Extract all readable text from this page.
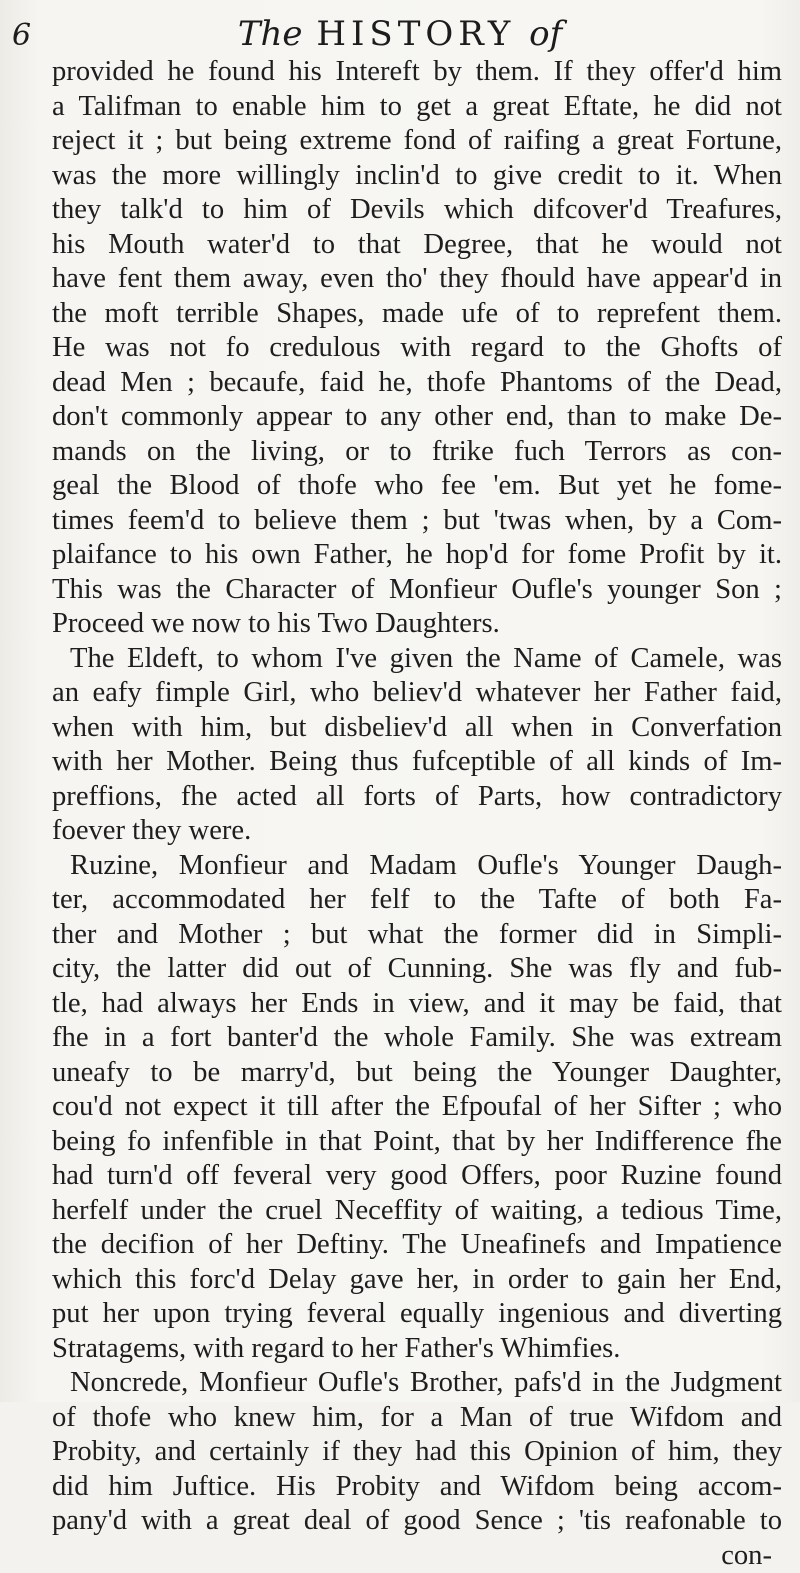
6	The HISTORY of
provided he found his Intereft by them. If they offer'd him
a Talifman to enable him to get a great Eftate, he did not
reject it ; but being extreme fond of raifing a great Fortune,
was the more willingly inclin'd to give credit to it. When
they talk'd to him of Devils which difcover'd Treafures,
his Mouth water'd to that Degree, that he would not
have fent them away, even tho' they fhould have appear'd in
the moft terrible Shapes, made ufe of to reprefent them.
He was not fo credulous with regard to the Ghofts of
dead Men ; becaufe, faid he, thofe Phantoms of the Dead,
don't commonly appear to any other end, than to make De-
mands on the living, or to ftrike fuch Terrors as con-
geal the Blood of thofe who fee 'em. But yet he fome-
times feem'd to believe them ; but 'twas when, by a Com-
plaifance to his own Father, he hop'd for fome Profit by it.
This was the Character of Monfieur Oufle's younger Son ;
Proceed we now to his Two Daughters.
The Eldeft, to whom I've given the Name of Camele, was
an eafy fimple Girl, who believ'd whatever her Father faid,
when with him, but disbeliev'd all when in Converfation
with her Mother. Being thus fufceptible of all kinds of Im-
preffions, fhe acted all forts of Parts, how contradictory
foever they were.
Ruzine, Monfieur and Madam Oufle's Younger Daugh-
ter, accommodated her felf to the Tafte of both Fa-
ther and Mother ; but what the former did in Simpli-
city, the latter did out of Cunning. She was fly and fub-
tle, had always her Ends in view, and it may be faid, that
fhe in a fort banter'd the whole Family. She was extream
uneafy to be marry'd, but being the Younger Daughter,
cou'd not expect it till after the Efpoufal of her Sifter ; who
being fo infenfible in that Point, that by her Indifference fhe
had turn'd off feveral very good Offers, poor Ruzine found
herfelf under the cruel Neceffity of waiting, a tedious Time,
the decifion of her Deftiny. The Uneafinefs and Impatience
which this forc'd Delay gave her, in order to gain her End,
put her upon trying feveral equally ingenious and diverting
Stratagems, with regard to her Father's Whimfies.
Noncrede, Monfieur Oufle's Brother, pafs'd in the Judgment
of thofe who knew him, for a Man of true Wifdom and
Probity, and certainly if they had this Opinion of him, they
did him Juftice. His Probity and Wifdom being accom-
pany'd with a great deal of good Sence ; 'tis reafonable to
con-
